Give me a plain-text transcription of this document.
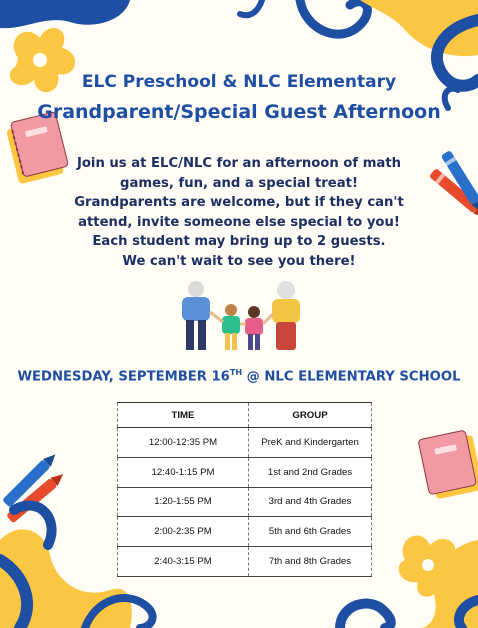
ELC Preschool & NLC Elementary
Grandparent/Special Guest Afternoon
Join us at ELC/NLC for an afternoon of math
games, fun, and a special treat!
Grandparents are welcome, but if they can't
attend, invite someone else special to you!
Each student may bring up to 2 guests.
We can't wait to see you there!
WEDNESDAY, SEPTEMBER 16TH @ NLC ELEMENTARY SCHOOL
TIME	GROUP
12:00-12:35 PM	PreK and Kindergarten
12:40-1:15 PM	1st and 2nd Grades
1:20-1:55 PM	3rd and 4th Grades
2:00-2:35 PM	5th and 6th Grades
2:40-3:15 PM	7th and 8th Grades
